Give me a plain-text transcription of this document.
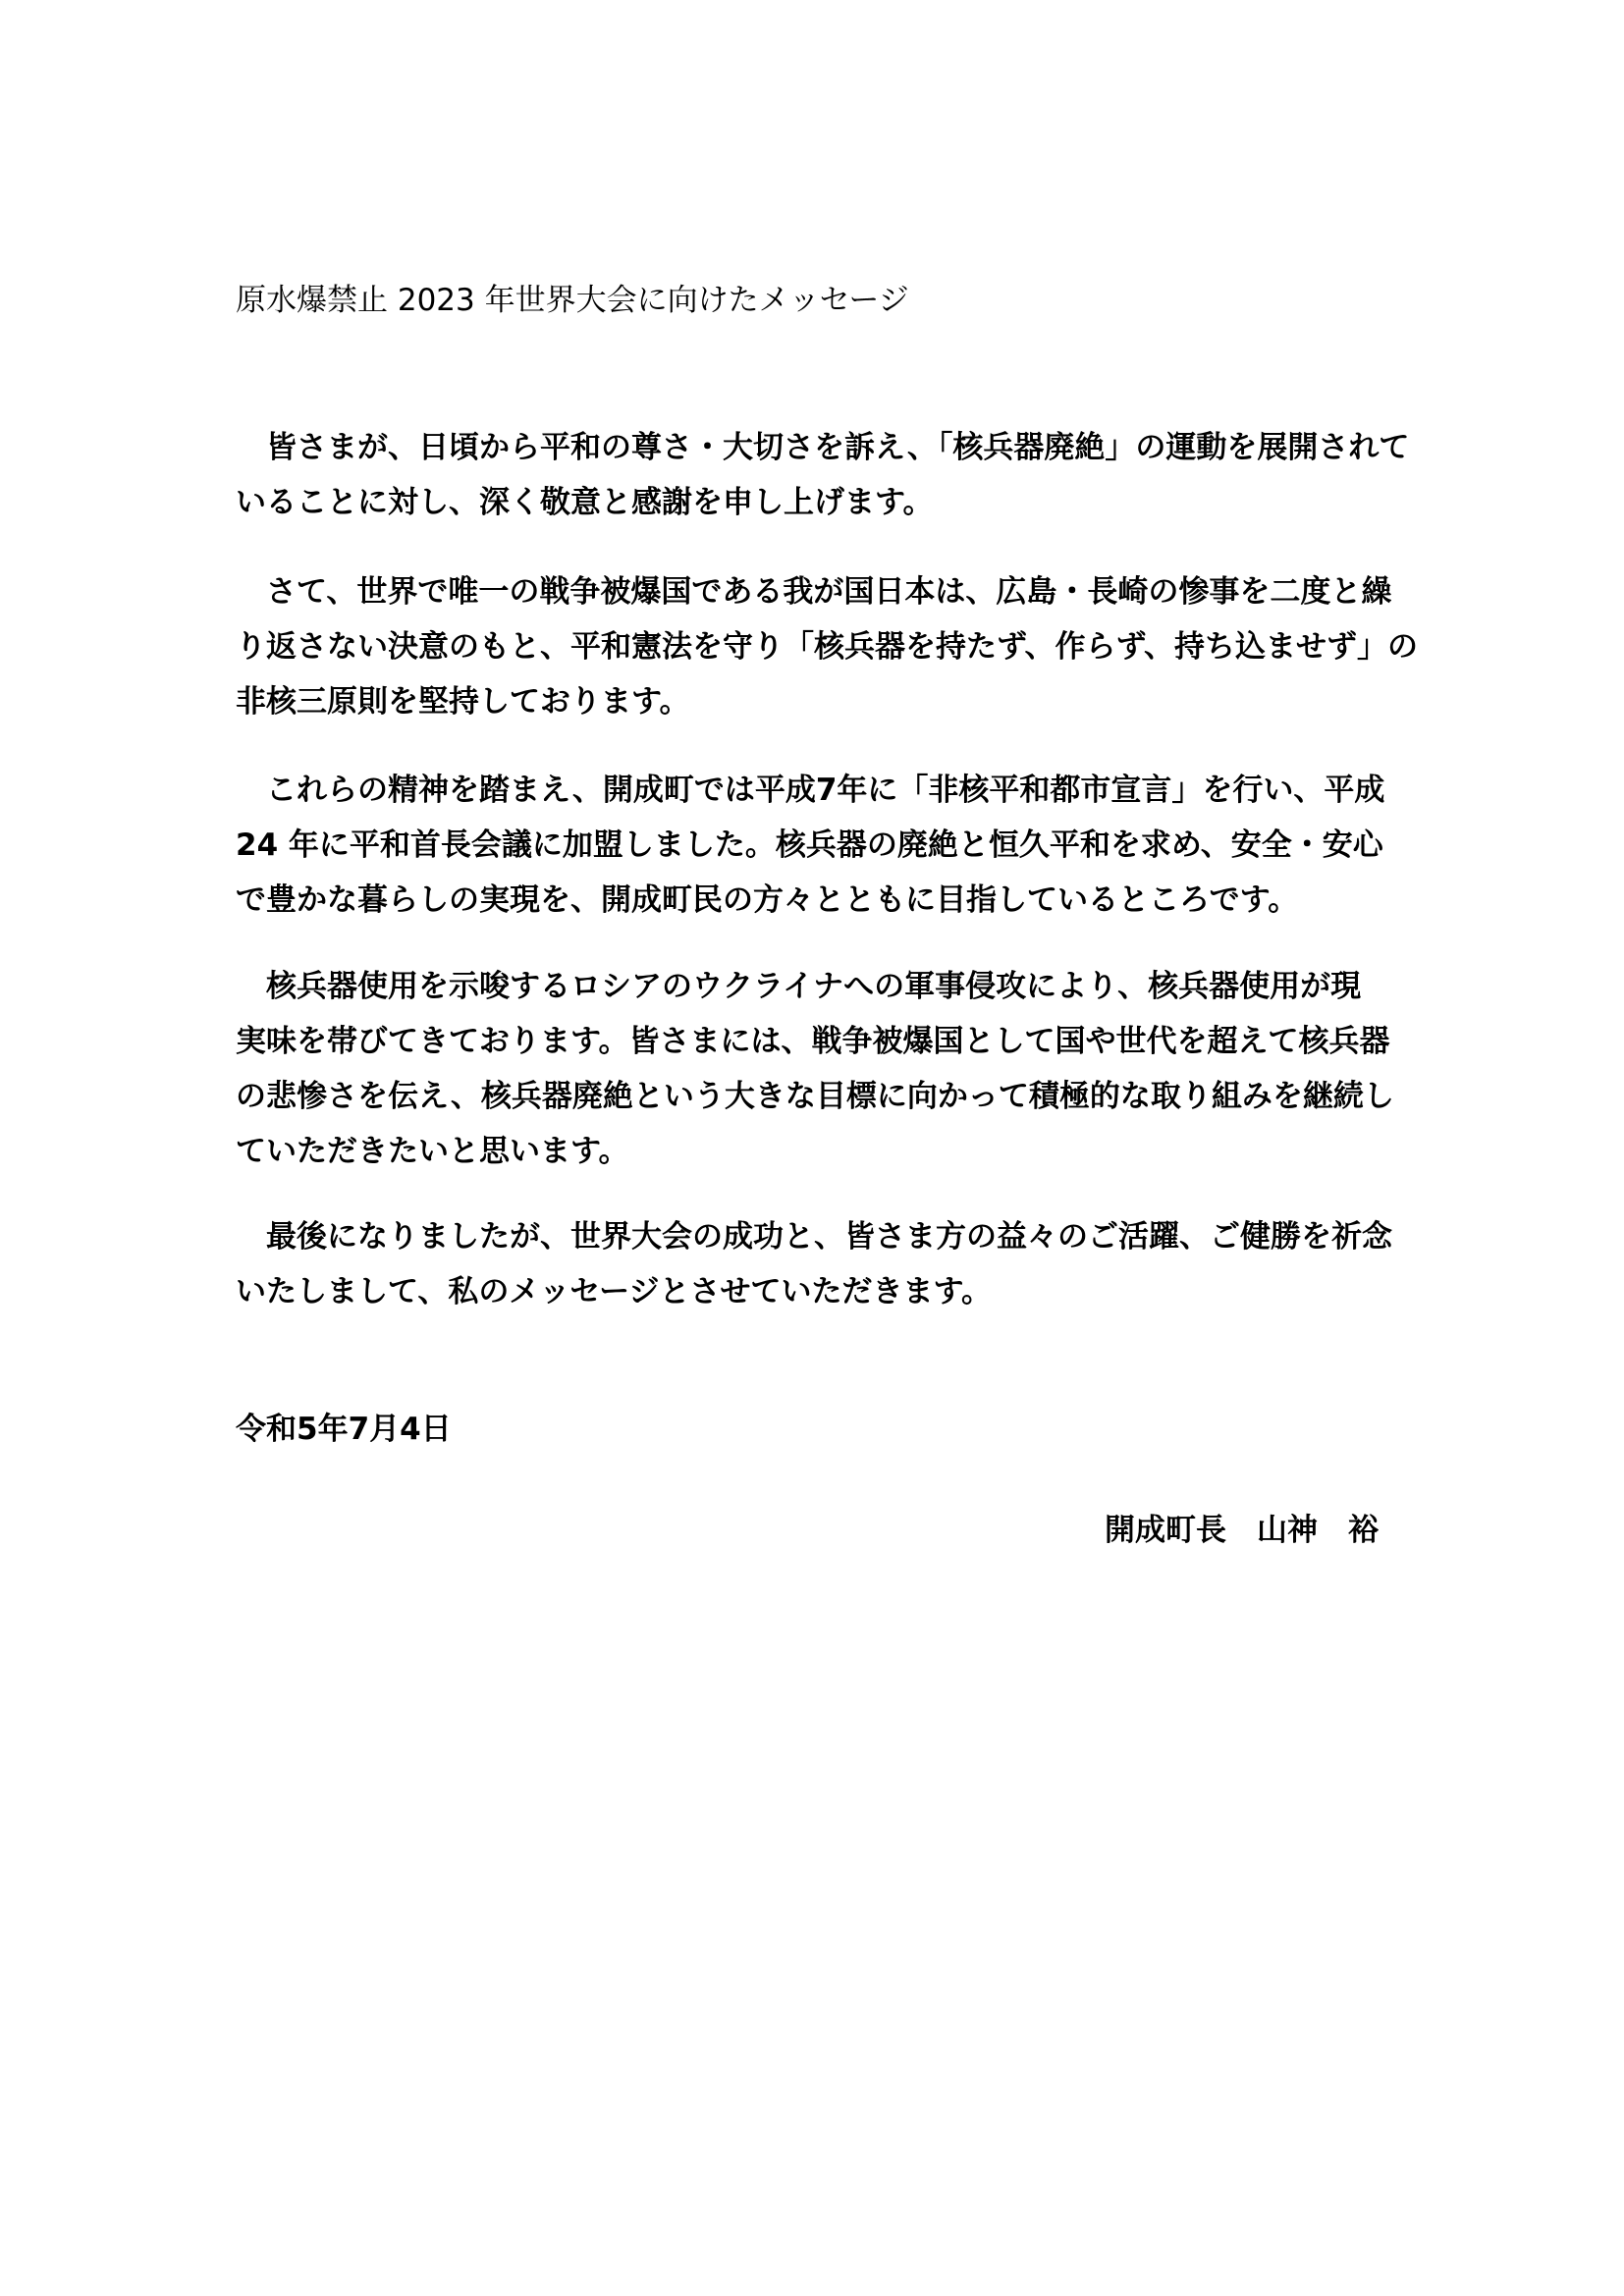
原水爆禁止 2023 年世界大会に向けたメッセージ
　皆さまが、日頃から平和の尊さ・大切さを訴え、「核兵器廃絶」の運動を展開されて
いることに対し、深く敬意と感謝を申し上げます。
　さて、世界で唯一の戦争被爆国である我が国日本は、広島・長崎の惨事を二度と繰
り返さない決意のもと、平和憲法を守り「核兵器を持たず、作らず、持ち込ませず」の
非核三原則を堅持しております。
　これらの精神を踏まえ、開成町では平成7年に「非核平和都市宣言」を行い、平成
24 年に平和首長会議に加盟しました。核兵器の廃絶と恒久平和を求め、安全・安心
で豊かな暮らしの実現を、開成町民の方々とともに目指しているところです。
　核兵器使用を示唆するロシアのウクライナへの軍事侵攻により、核兵器使用が現
実味を帯びてきております。皆さまには、戦争被爆国として国や世代を超えて核兵器
の悲惨さを伝え、核兵器廃絶という大きな目標に向かって積極的な取り組みを継続し
ていただきたいと思います。
　最後になりましたが、世界大会の成功と、皆さま方の益々のご活躍、ご健勝を祈念
いたしまして、私のメッセージとさせていただきます。
令和5年7月4日
開成町長　山神　裕
